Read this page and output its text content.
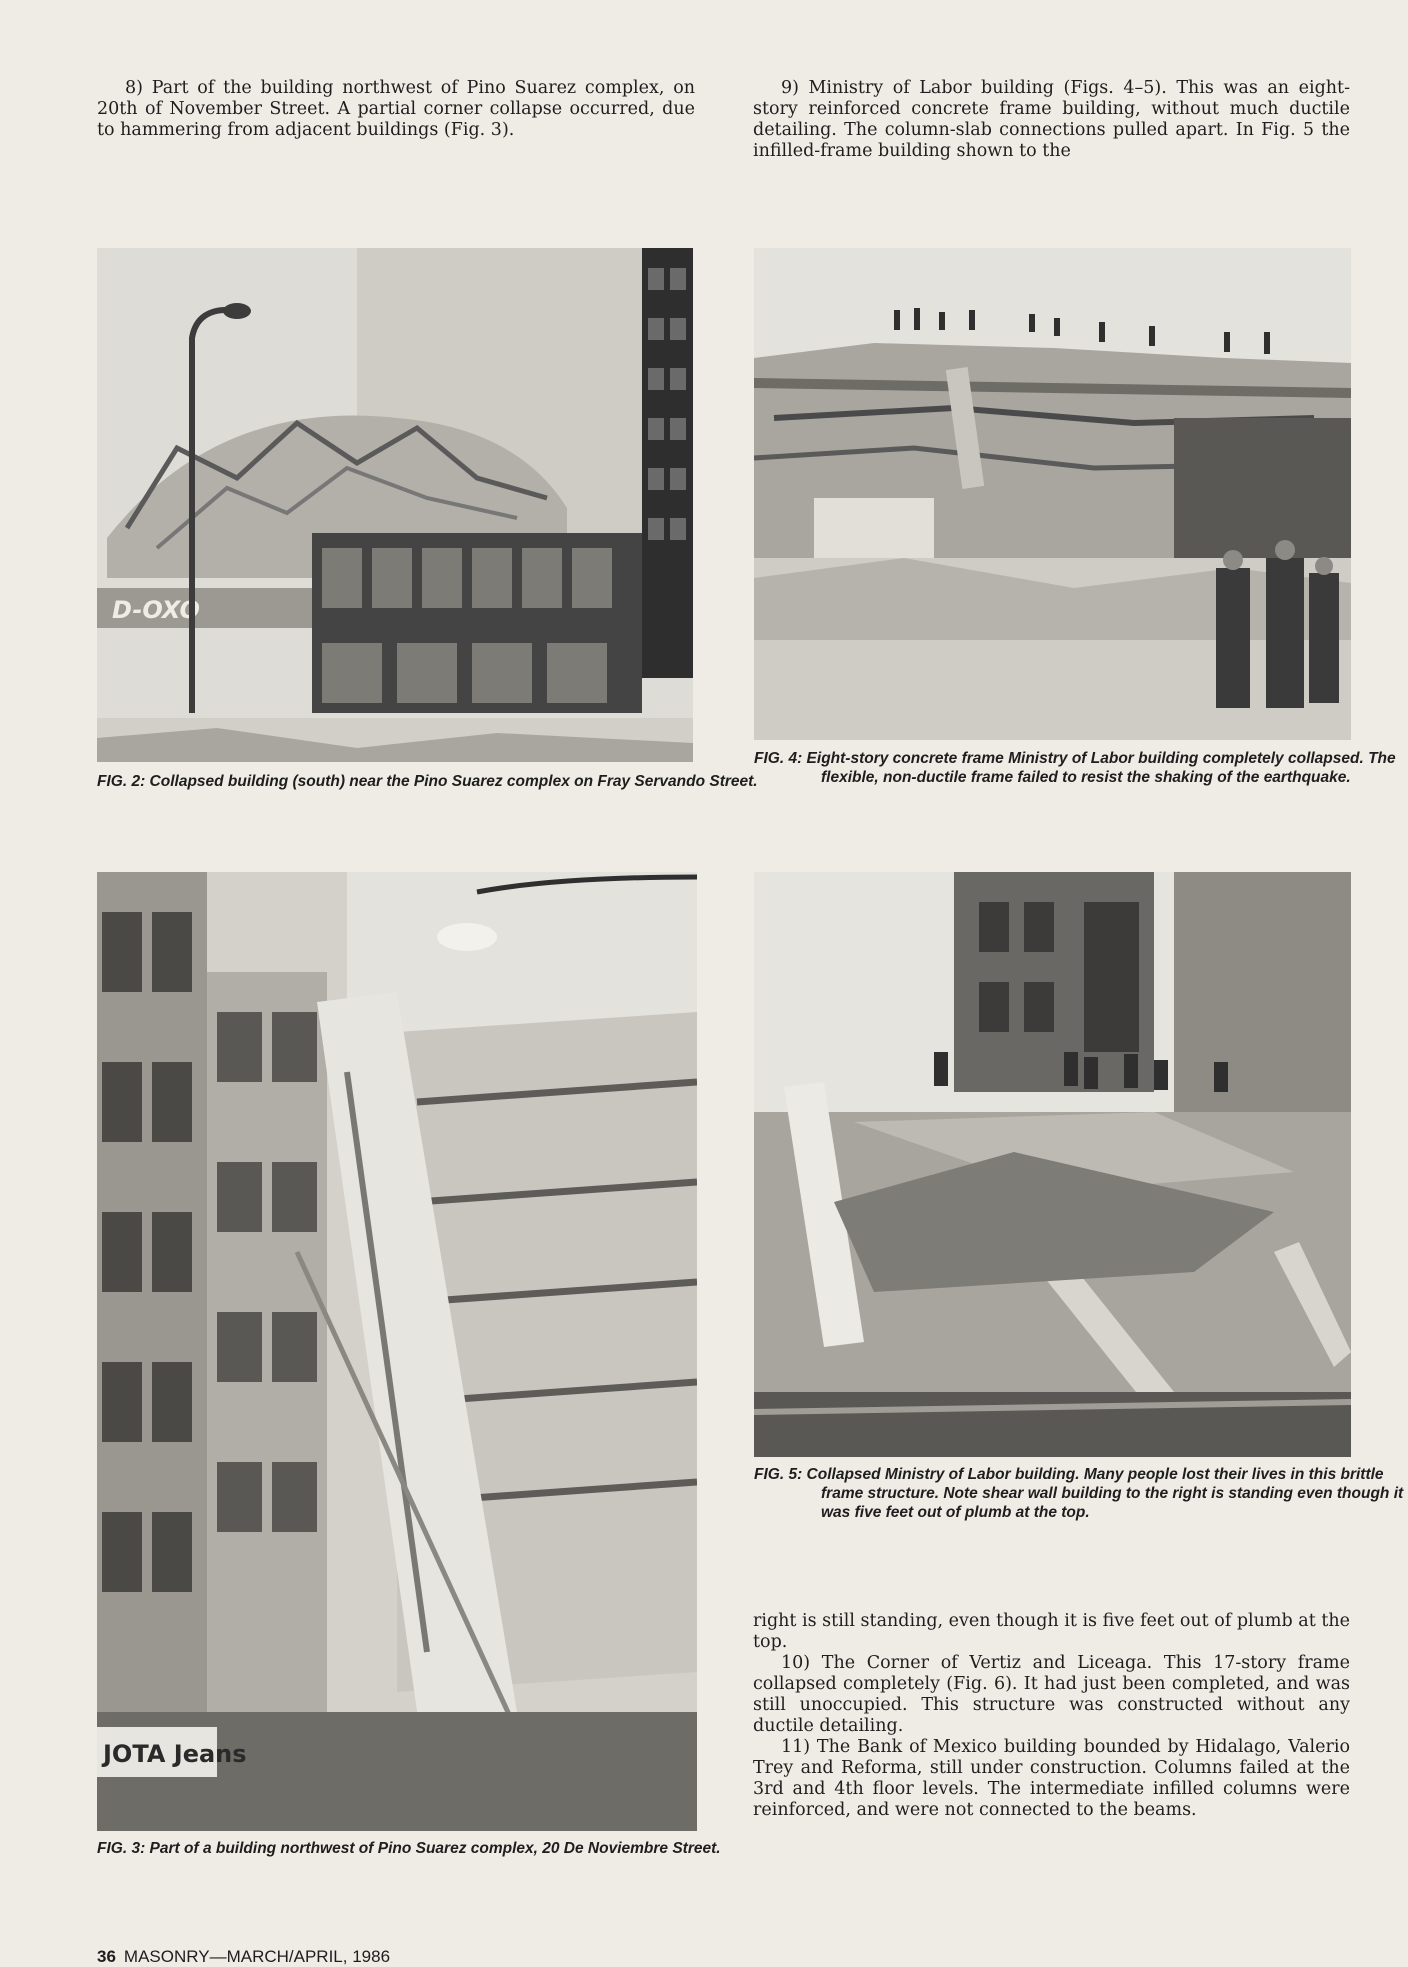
8) Part of the building northwest of Pino Suarez complex, on 20th of November Street. A partial corner collapse occurred, due to hammering from adjacent buildings (Fig. 3).

9) Ministry of Labor building (Figs. 4–5). This was an eight-story reinforced concrete frame building, without much ductile detailing. The column-slab connections pulled apart. In Fig. 5 the infilled-frame building shown to the

D-OXO

FIG. 2: Collapsed building (south) near the Pino Suarez complex on Fray Servando Street.

FIG. 4: Eight-story concrete frame Ministry of Labor building completely collapsed. The flexible, non-ductile frame failed to resist the shaking of the earthquake.

JOTA Jeans

FIG. 3: Part of a building northwest of Pino Suarez complex, 20 De Noviembre Street.

FIG. 5: Collapsed Ministry of Labor building. Many people lost their lives in this brittle frame structure. Note shear wall building to the right is standing even though it was five feet out of plumb at the top.

right is still standing, even though it is five feet out of plumb at the top.

10) The Corner of Vertiz and Liceaga. This 17-story frame collapsed completely (Fig. 6). It had just been completed, and was still unoccupied. This structure was constructed without any ductile detailing.

11) The Bank of Mexico building bounded by Hidalago, Valerio Trey and Reforma, still under construction. Columns failed at the 3rd and 4th floor levels. The intermediate infilled columns were reinforced, and were not connected to the beams.

36 MASONRY—MARCH/APRIL, 1986
